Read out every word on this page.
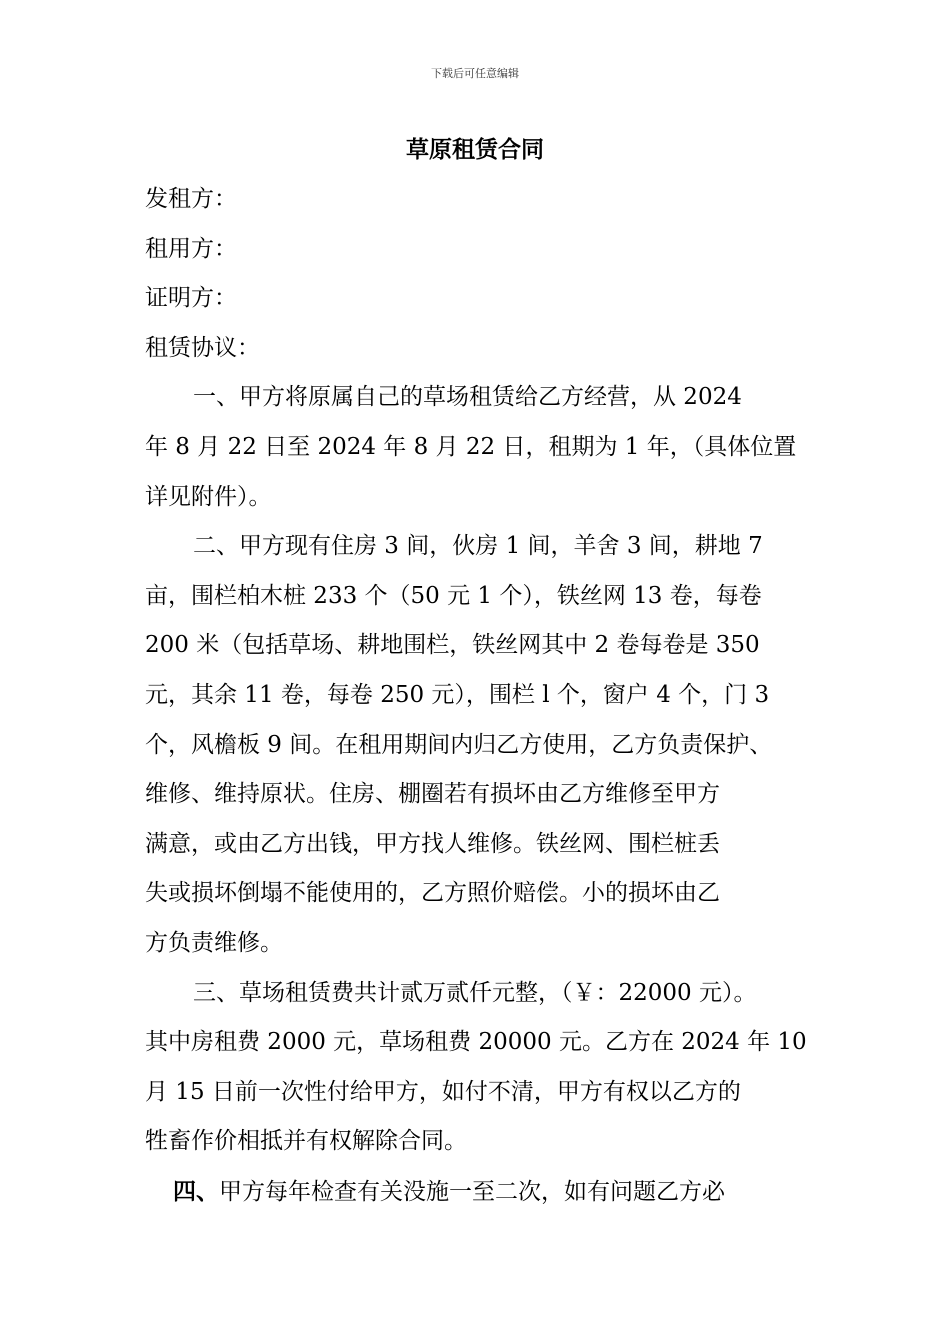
下载后可任意编辑
草原租赁合同
发租方：
租用方：
证明方：
租赁协议：
一、甲方将原属自己的草场租赁给乙方经营，从 2024
年 8 月 22 日至 2024 年 8 月 22 日，租期为 1 年，（具体位置
详见附件）。
二、甲方现有住房 3 间，伙房 1 间，羊舍 3 间，耕地 7
亩，围栏柏木桩 233 个（50 元 1 个），铁丝网 13 卷，每卷
200 米（包括草场、耕地围栏，铁丝网其中 2 卷每卷是 350
元，其余 11 卷，每卷 250 元），围栏 l 个，窗户 4 个，门 3
个，风檐板 9 间。在租用期间内归乙方使用，乙方负责保护、
维修、维持原状。住房、棚圈若有损坏由乙方维修至甲方
满意，或由乙方出钱，甲方找人维修。铁丝网、围栏桩丢
失或损坏倒塌不能使用的，乙方照价赔偿。小的损坏由乙
方负责维修。
三、草场租赁费共计贰万贰仟元整，（￥：22000 元）。
其中房租费 2000 元，草场租费 20000 元。乙方在 2024 年 10
月 15 日前一次性付给甲方，如付不清，甲方有权以乙方的
牲畜作价相抵并有权解除合同。
四、甲方每年检查有关没施一至二次，如有问题乙方必
